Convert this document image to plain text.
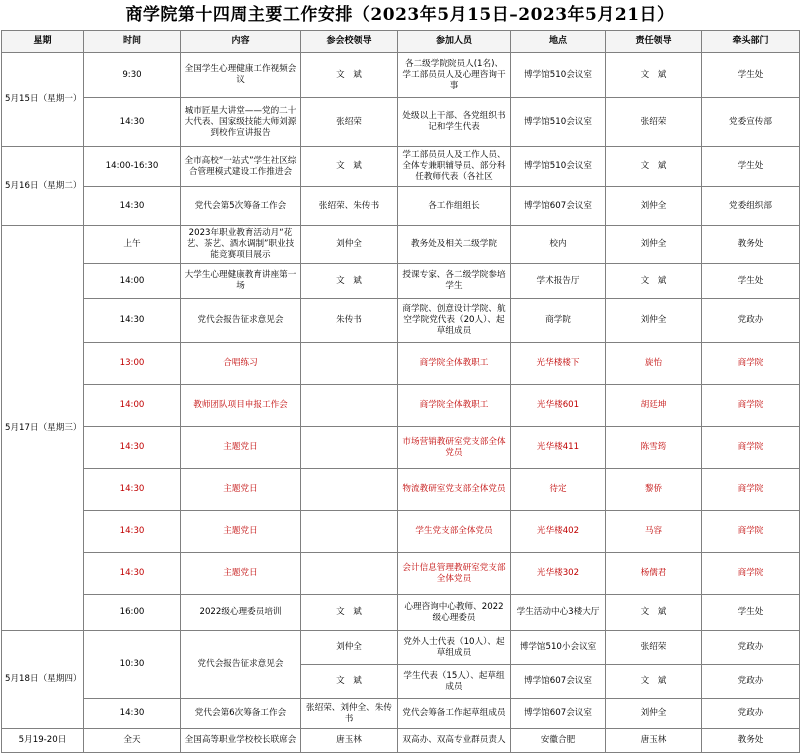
商学院第十四周主要工作安排（2023年5月15日–2023年5月21日）
星期	时间	内容	参会校领导	参加人员	地点	责任领导	牵头部门
5月15日（星期一）	9:30	全国学生心理健康工作视频会议	文　斌	各二级学院院员人(1名)、学工部员员人及心理咨询干事	博学馆510会议室	文　斌	学生处
	14:30	城市匠星大讲堂——党的二十大代表、国家级技能大师刘源到校作宣讲报告	张绍荣	处级以上干部、各党组织书记和学生代表	博学馆510会议室	张绍荣	党委宣传部
5月16日（星期二）	14:00-16:30	全市高校“一站式”学生社区综合管理模式建设工作推进会	文　斌	学工部员员人及工作人员、全体专兼职辅导员、部分科任教师代表（各社区	博学馆510会议室	文　斌	学生处
	14:30	党代会第5次筹备工作会	张绍荣、朱传书	各工作组组长	博学馆607会议室	刘仲全	党委组织部
5月17日（星期三）	上午	2023年职业教育活动月“花艺、茶艺、酒水调制”职业技能竞赛项目展示	刘仲全	教务处及相关二级学院	校内	刘仲全	教务处
	14:00	大学生心理健康教育讲座第一场	文　斌	授课专家、各二级学院参培学生	学术报告厅	文　斌	学生处
	14:30	党代会报告征求意见会	朱传书	商学院、创意设计学院、航空学院党代表（20人）、起草组成员	商学院	刘仲全	党政办
	13:00	合唱练习		商学院全体教职工	光华楼楼下	旋怡	商学院
	14:00	教师团队项目申报工作会		商学院全体教职工	光华楼601	胡廷坤	商学院
	14:30	主题党日		市场营销教研室党支部全体党员	光华楼411	陈雪筠	商学院
	14:30	主题党日		物流教研室党支部全体党员	待定	黎侨	商学院
	14:30	主题党日		学生党支部全体党员	光华楼402	马容	商学院
	14:30	主题党日		会计信息管理教研室党支部全体党员	光华楼302	杨儒君	商学院
	16:00	2022级心理委员培训	文　斌	心理咨询中心教师、2022级心理委员	学生活动中心3楼大厅	文　斌	学生处
5月18日（星期四）	10:30	党代会报告征求意见会	刘仲全	党外人士代表（10人）、起草组成员	博学馆510小会议室	张绍荣	党政办
			文　斌	学生代表（15人）、起草组成员	博学馆607会议室	文　斌	党政办
	14:30	党代会第6次筹备工作会	张绍荣、刘仲全、朱传书	党代会筹备工作起草组成员	博学馆607会议室	刘仲全	党政办
5月19-20日	全天	全国高等职业学校校长联席会	唐玉林	双高办、双高专业群员责人	安徽合肥	唐玉林	教务处
